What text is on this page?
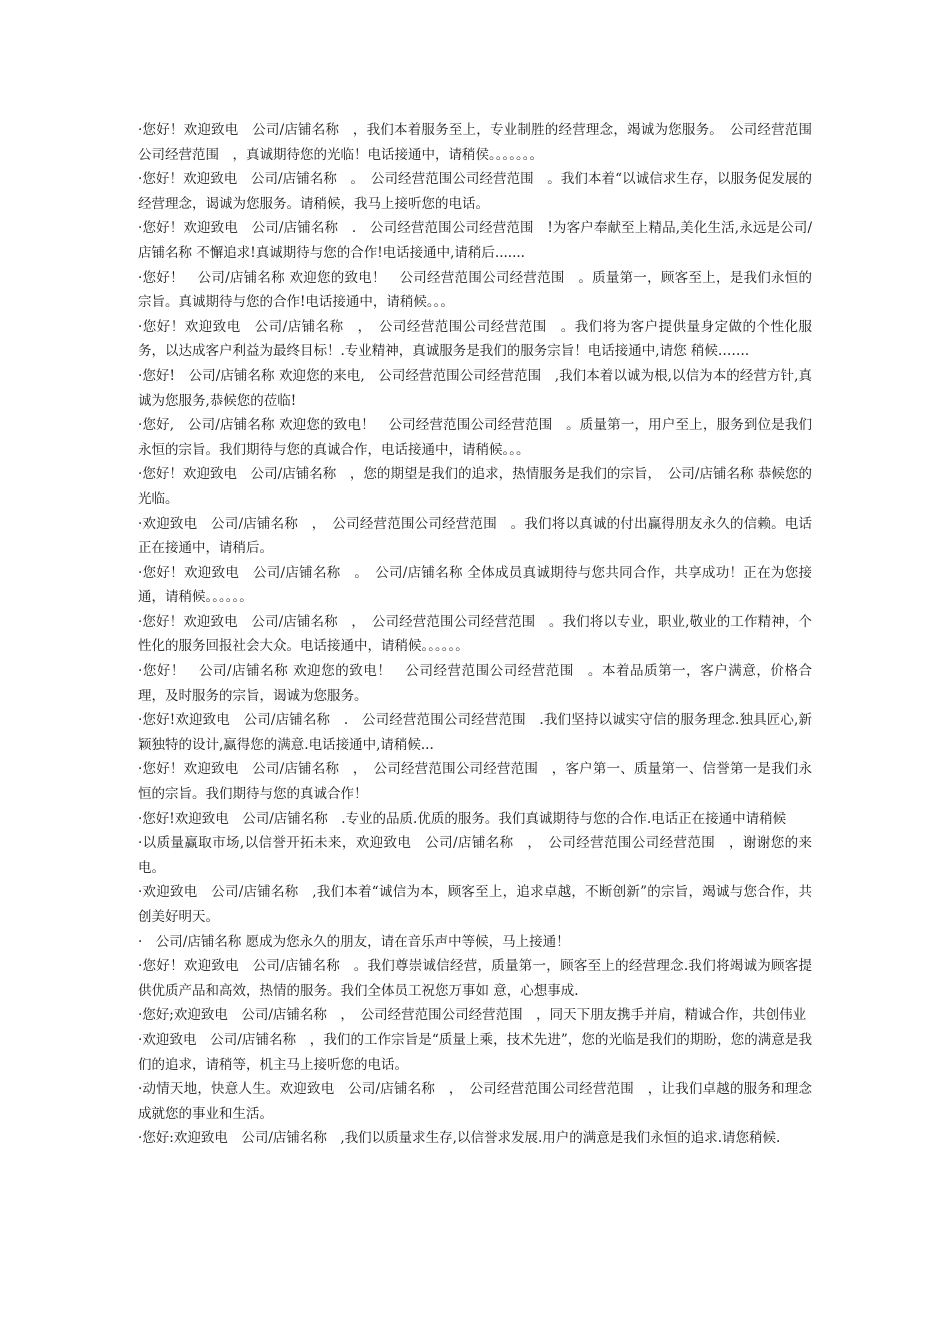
·您好！欢迎致电　公司/店铺名称　，我们本着服务至上，专业制胜的经营理念，竭诚为您服务。　公司经营范围公司经营范围　，真诚期待您的光临！电话接通中，请稍侯。。。。。。。

·您好！欢迎致电　公司/店铺名称　。　公司经营范围公司经营范围　。我们本着“以诚信求生存，以服务促发展的经营理念，谒诚为您服务。请稍候，我马上接听您的电话。

·您好！欢迎致电　公司/店铺名称　.　公司经营范围公司经营范围　!为客户奉献至上精品,美化生活,永远是公司/店铺名称 不懈追求!真诚期待与您的合作!电话接通中,请稍后.......

·您好！　公司/店铺名称 欢迎您的致电！　公司经营范围公司经营范围　。质量第一，顾客至上，是我们永恒的宗旨。真诚期待与您的合作!电话接通中，请稍候。。。

·您好！欢迎致电　公司/店铺名称　，　公司经营范围公司经营范围　。我们将为客户提供量身定做的个性化服务，以达成客户利益为最终目标！.专业精神，真诚服务是我们的服务宗旨！电话接通中,请您 稍候…….

·您好!　公司/店铺名称 欢迎您的来电,　公司经营范围公司经营范围　,我们本着以诚为根,以信为本的经营方针,真诚为您服务,恭候您的莅临!

·您好,　公司/店铺名称 欢迎您的致电！　公司经营范围公司经营范围　。质量第一，用户至上，服务到位是我们永恒的宗旨。我们期待与您的真诚合作，电话接通中，请稍候。。。

·您好！欢迎致电　公司/店铺名称　，您的期望是我们的追求，热情服务是我们的宗旨，　公司/店铺名称 恭候您的光临。

·欢迎致电　公司/店铺名称　，　公司经营范围公司经营范围　。我们将以真诚的付出赢得朋友永久的信赖。电话正在接通中，请稍后。

·您好！欢迎致电　公司/店铺名称　。　公司/店铺名称 全体成员真诚期待与您共同合作，共享成功！正在为您接通，请稍候。。。。。。

·您好！欢迎致电　公司/店铺名称　，　公司经营范围公司经营范围　。我们将以专业，职业,敬业的工作精神，个性化的服务回报社会大众。电话接通中，请稍候。。。。。。

·您好！　公司/店铺名称 欢迎您的致电！　公司经营范围公司经营范围　。本着品质第一，客户满意，价格合理，及时服务的宗旨，谒诚为您服务。

·您好!欢迎致电　公司/店铺名称　.　公司经营范围公司经营范围　.我们坚持以诚实守信的服务理念.独具匠心,新颖独特的设计,赢得您的满意.电话接通中,请稍候...

·您好！欢迎致电　公司/店铺名称　，　公司经营范围公司经营范围　，客户第一、质量第一、信誉第一是我们永恒的宗旨。我们期待与您的真诚合作！

·您好!欢迎致电　公司/店铺名称　.专业的品质.优质的服务。我们真诚期待与您的合作.电话正在接通中请稍候

·以质量赢取市场,以信誉开拓未来，欢迎致电　公司/店铺名称　，　公司经营范围公司经营范围　，谢谢您的来电。

·欢迎致电　公司/店铺名称　,我们本着“诚信为本，顾客至上，追求卓越，不断创新”的宗旨，竭诚与您合作，共创美好明天。

·　公司/店铺名称 愿成为您永久的朋友，请在音乐声中等候，马上接通！

·您好！欢迎致电　公司/店铺名称　。我们尊崇诚信经营，质量第一，顾客至上的经营理念.我们将竭诚为顾客提供优质产品和高效，热情的服务。我们全体员工祝您万事如 意，心想事成.

·您好;欢迎致电　公司/店铺名称　，　公司经营范围公司经营范围　，同天下朋友携手并肩，精诚合作，共创伟业

·欢迎致电　公司/店铺名称　，我们的工作宗旨是“质量上乘，技术先进”，您的光临是我们的期盼，您的满意是我们的追求，请稍等，机主马上接听您的电话。

·动情天地，快意人生。欢迎致电　公司/店铺名称　，　公司经营范围公司经营范围　，让我们卓越的服务和理念成就您的事业和生活。

·您好:欢迎致电　公司/店铺名称　,我们以质量求生存,以信誉求发展.用户的满意是我们永恒的追求.请您稍候.
